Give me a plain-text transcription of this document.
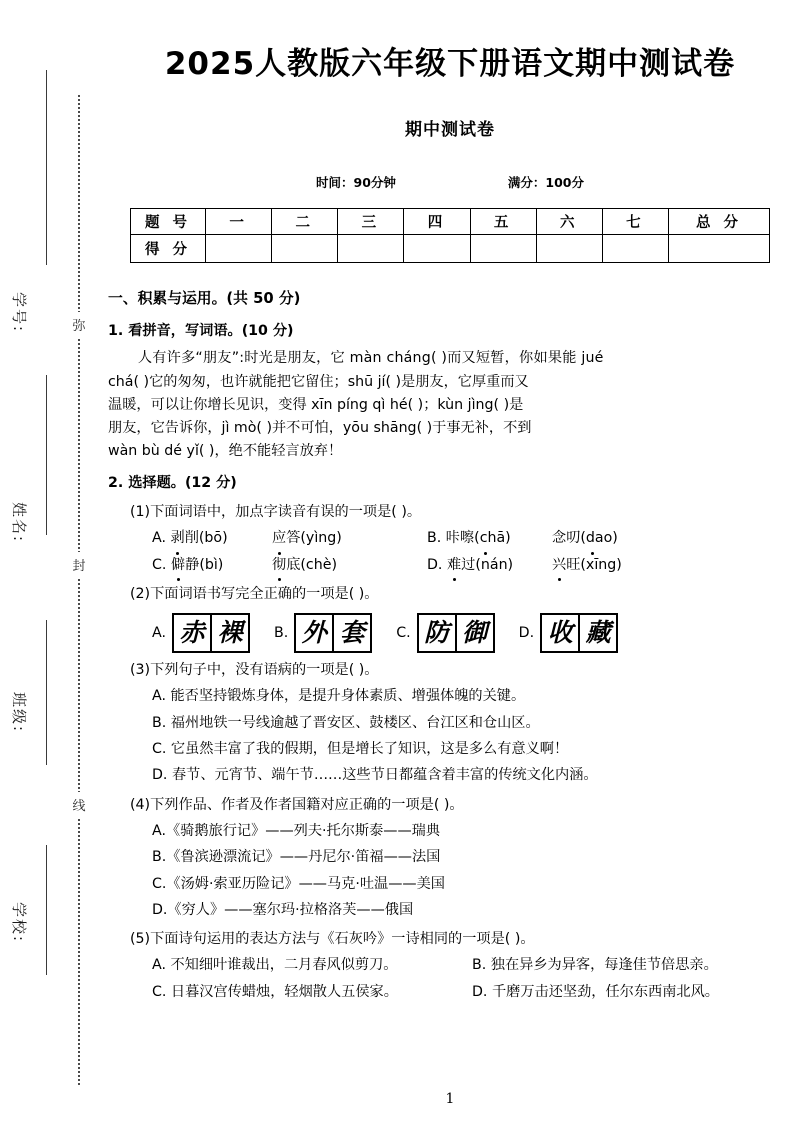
弥
封
线
学号:
姓名:
班级:
学校:
2025人教版六年级下册语文期中测试卷
期中测试卷
时间：90分钟	满分：100分
题 号	一	二	三	四	五	六	七	总 分
得 分								
一、积累与运用。(共 50 分)
1. 看拼音，写词语。(10 分)
人有许多“朋友”:时光是朋友，它 màn cháng( )而又短暂，你如果能 jué
chá( )它的匆匆，也许就能把它留住；shū jí( )是朋友，它厚重而又
温暖，可以让你增长见识，变得 xīn píng qì hé( )；kùn jìng( )是
朋友，它告诉你，jì mò( )并不可怕，yōu shāng( )于事无补，不到
wàn bù dé yǐ( )，绝不能轻言放弃！
2. 选择题。(12 分)
(1)下面词语中，加点字读音有误的一项是( )。
A. 剥削(bō)	应答(yìng)	B. 咔嚓(chā)	念叨(dao)
C. 僻静(bì)	彻底(chè)	D. 难过(nán)	兴旺(xīng)
(2)下面词语书写完全正确的一项是( )。
A. 赤 裸	B. 外 套	C. 防 御	D. 收 藏
(3)下列句子中，没有语病的一项是( )。
A. 能否坚持锻炼身体，是提升身体素质、增强体魄的关键。
B. 福州地铁一号线逾越了晋安区、鼓楼区、台江区和仓山区。
C. 它虽然丰富了我的假期，但是增长了知识，这是多么有意义啊！
D. 春节、元宵节、端午节……这些节日都蕴含着丰富的传统文化内涵。
(4)下列作品、作者及作者国籍对应正确的一项是( )。
A.《骑鹅旅行记》——列夫·托尔斯泰——瑞典
B.《鲁滨逊漂流记》——丹尼尔·笛福——法国
C.《汤姆·索亚历险记》——马克·吐温——美国
D.《穷人》——塞尔玛·拉格洛芙——俄国
(5)下面诗句运用的表达方法与《石灰吟》一诗相同的一项是( )。
A. 不知细叶谁裁出，二月春风似剪刀。	B. 独在异乡为异客，每逢佳节倍思亲。
C. 日暮汉宫传蜡烛，轻烟散人五侯家。	D. 千磨万击还坚劲，任尔东西南北风。
1
